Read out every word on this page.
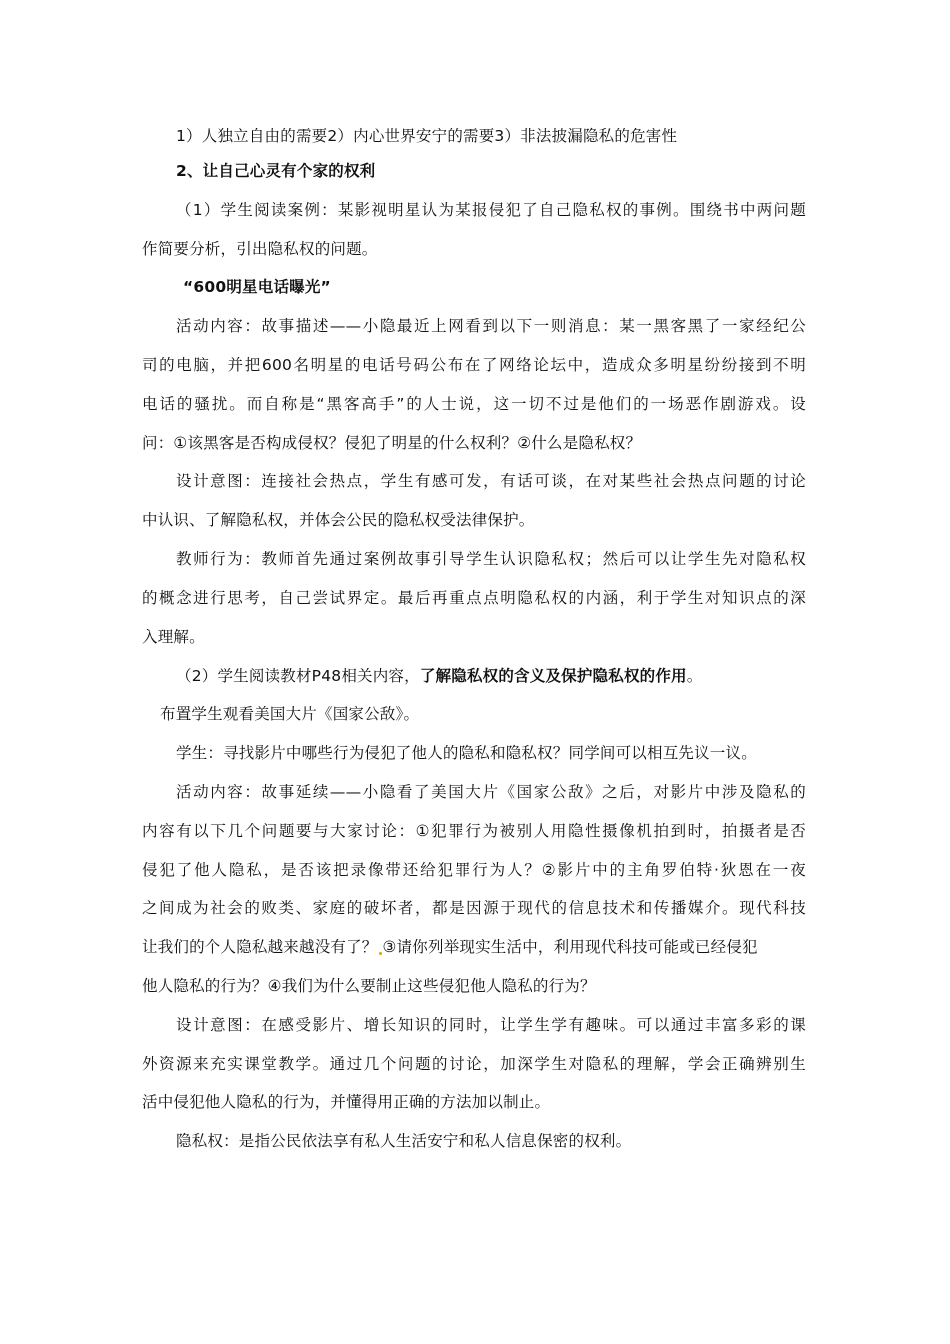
1）人独立自由的需要2）内心世界安宁的需要3）非法披漏隐私的危害性
2、让自己心灵有个家的权利
（1）学生阅读案例：某影视明星认为某报侵犯了自己隐私权的事例。围绕书中两问题
作简要分析，引出隐私权的问题。
“600明星电话曝光”
活动内容：故事描述——小隐最近上网看到以下一则消息：某一黑客黑了一家经纪公
司的电脑，并把600名明星的电话号码公布在了网络论坛中，造成众多明星纷纷接到不明
电话的骚扰。而自称是“黑客高手”的人士说，这一切不过是他们的一场恶作剧游戏。设
问：①该黑客是否构成侵权？侵犯了明星的什么权利？②什么是隐私权？
设计意图：连接社会热点，学生有感可发，有话可谈，在对某些社会热点问题的讨论
中认识、了解隐私权，并体会公民的隐私权受法律保护。
教师行为：教师首先通过案例故事引导学生认识隐私权；然后可以让学生先对隐私权
的概念进行思考，自己尝试界定。最后再重点点明隐私权的内涵，利于学生对知识点的深
入理解。
（2）学生阅读教材P48相关内容，了解隐私权的含义及保护隐私权的作用。
布置学生观看美国大片《国家公敌》。
学生：寻找影片中哪些行为侵犯了他人的隐私和隐私权？同学间可以相互先议一议。
活动内容：故事延续——小隐看了美国大片《国家公敌》之后，对影片中涉及隐私的
内容有以下几个问题要与大家讨论：①犯罪行为被别人用隐性摄像机拍到时，拍摄者是否
侵犯了他人隐私，是否该把录像带还给犯罪行为人？②影片中的主角罗伯特·狄恩在一夜
之间成为社会的败类、家庭的破坏者，都是因源于现代的信息技术和传播媒介。现代科技
让我们的个人隐私越来越没有了？ ③请你列举现实生活中，利用现代科技可能或已经侵犯
他人隐私的行为？④我们为什么要制止这些侵犯他人隐私的行为？
设计意图：在感受影片、增长知识的同时，让学生学有趣味。可以通过丰富多彩的课
外资源来充实课堂教学。通过几个问题的讨论，加深学生对隐私的理解，学会正确辨别生
活中侵犯他人隐私的行为，并懂得用正确的方法加以制止。
隐私权：是指公民依法享有私人生活安宁和私人信息保密的权利。
